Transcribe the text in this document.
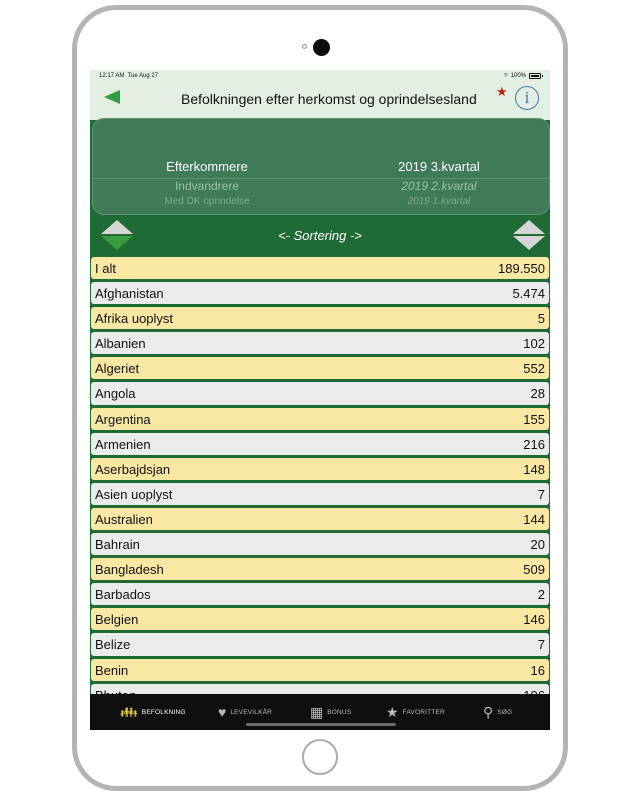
12:17 AM Tue Aug 27	▿ 100%
Befolkningen efter herkomst og oprindelsesland ★ i
Efterkommere	2019 3.kvartal
Indvandrere	2019 2.kvartal
Med DK oprindelse	2019 1.kvartal
<- Sortering ->
I alt	189.550
Afghanistan	5.474
Afrika uoplyst	5
Albanien	102
Algeriet	552
Angola	28
Argentina	155
Armenien	216
Aserbajdsjan	148
Asien uoplyst	7
Australien	144
Bahrain	20
Bangladesh	509
Barbados	2
Belgien	146
Belize	7
Benin	16
👪︎ BEFOLKNING ♥ LEVEVILKÅR	▦ BONUS ★ FAVORITTER	⚲ SØG
